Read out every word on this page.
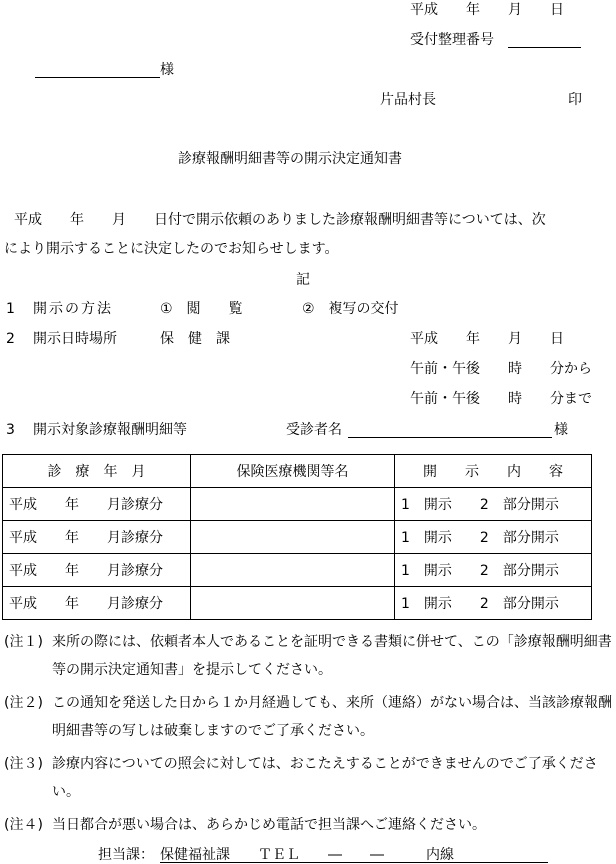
平成　　年　　月　　日
受付整理番号
様
片品村長	印
診療報酬明細書等の開示決定通知書
平成　　年　　月　　日付で開示依頼のありました診療報酬明細書等については、次
により開示することに決定したのでお知らせします。
記
1 開示の方法	①　閲　　覧	②　複写の交付
2 開示日時場所	保　健　課	平成　　年　　月　　日
午前・午後　　時　　分から
午前・午後　　時　　分まで
3 開示対象診療報酬明細等	受診者名	様
診　療　年　月	保険医療機関等名	開　　示　　内　　容
平成　　年　　月診療分		1　開示　　2　部分開示
平成　　年　　月診療分		1　開示　　2　部分開示
平成　　年　　月診療分		1　開示　　2　部分開示
平成　　年　　月診療分		1　開示　　2　部分開示
(注１) 来所の際には、依頼者本人であることを証明できる書類に併せて、この「診療報酬明細書等の開示決定通知書」を提示してください。
(注２) この通知を発送した日から１か月経過しても、来所（連絡）がない場合は、当該診療報酬明細書等の写しは破棄しますのでご了承ください。
(注３) 診療内容についての照会に対しては、おこたえすることができませんのでご了承ください。
(注４) 当日都合が悪い場合は、あらかじめ電話で担当課へご連絡ください。
担当課： 保健福祉課　　ＴＥＬ　　―　　―　　　内線
